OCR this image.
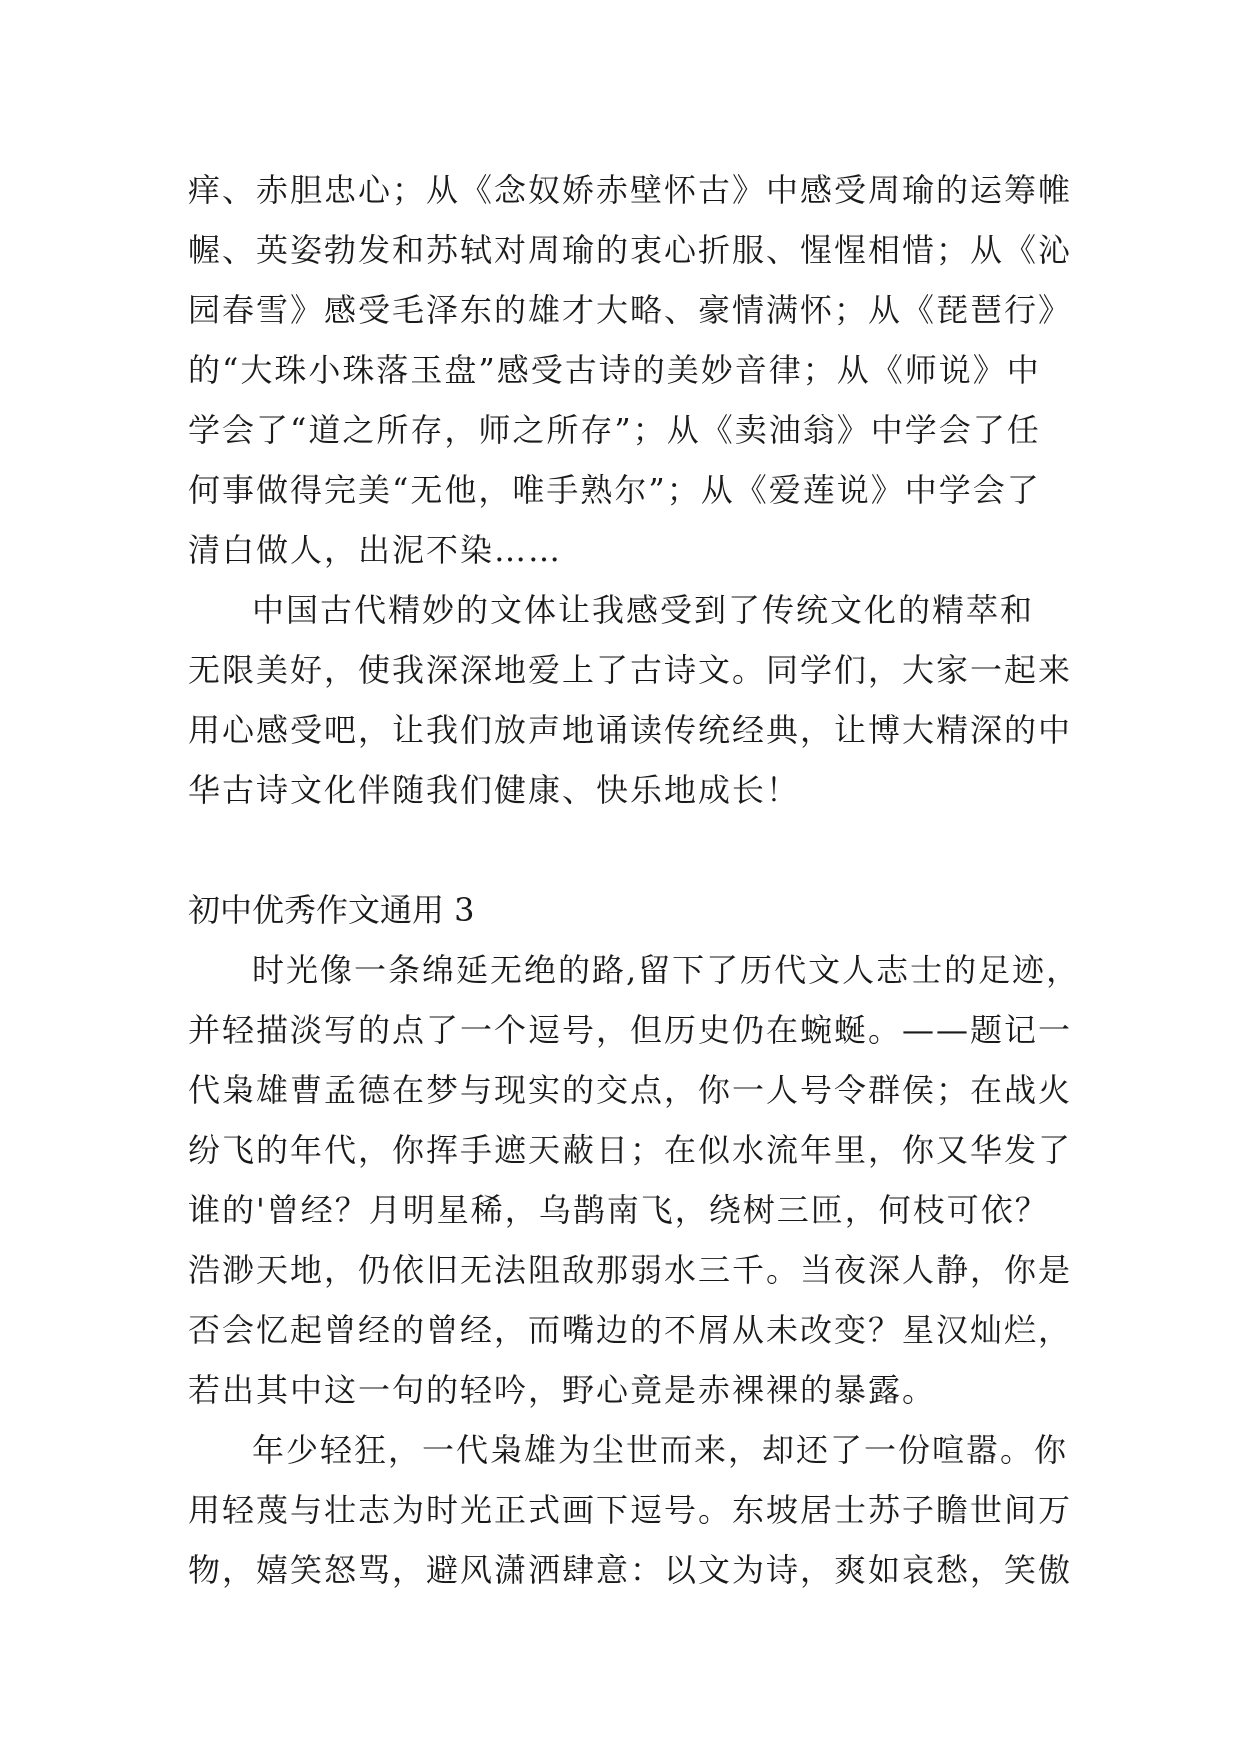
痒、赤胆忠心；从《念奴娇赤壁怀古》中感受周瑜的运筹帷
幄、英姿勃发和苏轼对周瑜的衷心折服、惺惺相惜；从《沁
园春雪》感受毛泽东的雄才大略、豪情满怀；从《琵琶行》
的“大珠小珠落玉盘”感受古诗的美妙音律；从《师说》中
学会了“道之所存，师之所存”；从《卖油翁》中学会了任
何事做得完美“无他，唯手熟尔”；从《爱莲说》中学会了
清白做人，出泥不染……
中国古代精妙的文体让我感受到了传统文化的精萃和
无限美好，使我深深地爱上了古诗文。同学们，大家一起来
用心感受吧，让我们放声地诵读传统经典，让博大精深的中
华古诗文化伴随我们健康、快乐地成长！
初中优秀作文通用 3
时光像一条绵延无绝的路,留下了历代文人志士的足迹，
并轻描淡写的点了一个逗号，但历史仍在蜿蜒。——题记一
代枭雄曹孟德在梦与现实的交点，你一人号令群侯；在战火
纷飞的年代，你挥手遮天蔽日；在似水流年里，你又华发了
谁的'曾经？月明星稀，乌鹊南飞，绕树三匝，何枝可依？
浩渺天地，仍依旧无法阻敌那弱水三千。当夜深人静，你是
否会忆起曾经的曾经，而嘴边的不屑从未改变？星汉灿烂，
若出其中这一句的轻吟，野心竟是赤裸裸的暴露。
年少轻狂，一代枭雄为尘世而来，却还了一份喧嚣。你
用轻蔑与壮志为时光正式画下逗号。东坡居士苏子瞻世间万
物，嬉笑怒骂，避风潇洒肆意：以文为诗，爽如哀愁，笑傲
